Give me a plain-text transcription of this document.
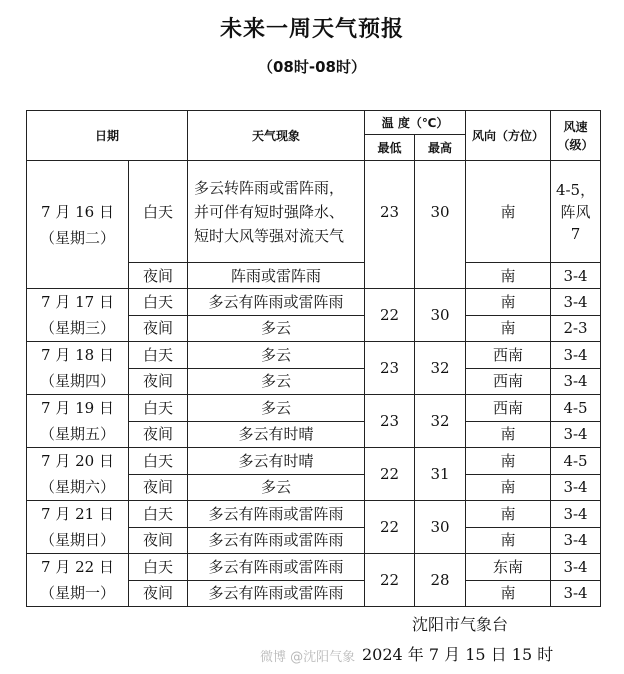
未来一周天气预报
（08时-08时）
日期		天气现象	温 度（℃）		风向（方位）	风速（级）
			最低	最高		

7 月 16 日
（星期二）	白天	多云转阵雨或雷阵雨，并可伴有短时强降水、短时大风等强对流天气	23	30	南	4-5，阵风 7
	夜间	阵雨或雷阵雨			南	3-4

7 月 17 日
（星期三）	白天	多云有阵雨或雷阵雨	22	30	南	3-4
	夜间	多云			南	2-3

7 月 18 日
（星期四）	白天	多云	23	32	西南	3-4
	夜间	多云			西南	3-4

7 月 19 日
（星期五）	白天	多云	23	32	西南	4-5
	夜间	多云有时晴			南	3-4

7 月 20 日
（星期六）	白天	多云有时晴	22	31	南	4-5
	夜间	多云			南	3-4

7 月 21 日
（星期日）	白天	多云有阵雨或雷阵雨	22	30	南	3-4
	夜间	多云有阵雨或雷阵雨			南	3-4

7 月 22 日
（星期一）	白天	多云有阵雨或雷阵雨	22	28	东南	3-4
	夜间	多云有阵雨或雷阵雨			南	3-4
沈阳市气象台
微博 @沈阳气象 2024 年 7 月 15 日 15 时
